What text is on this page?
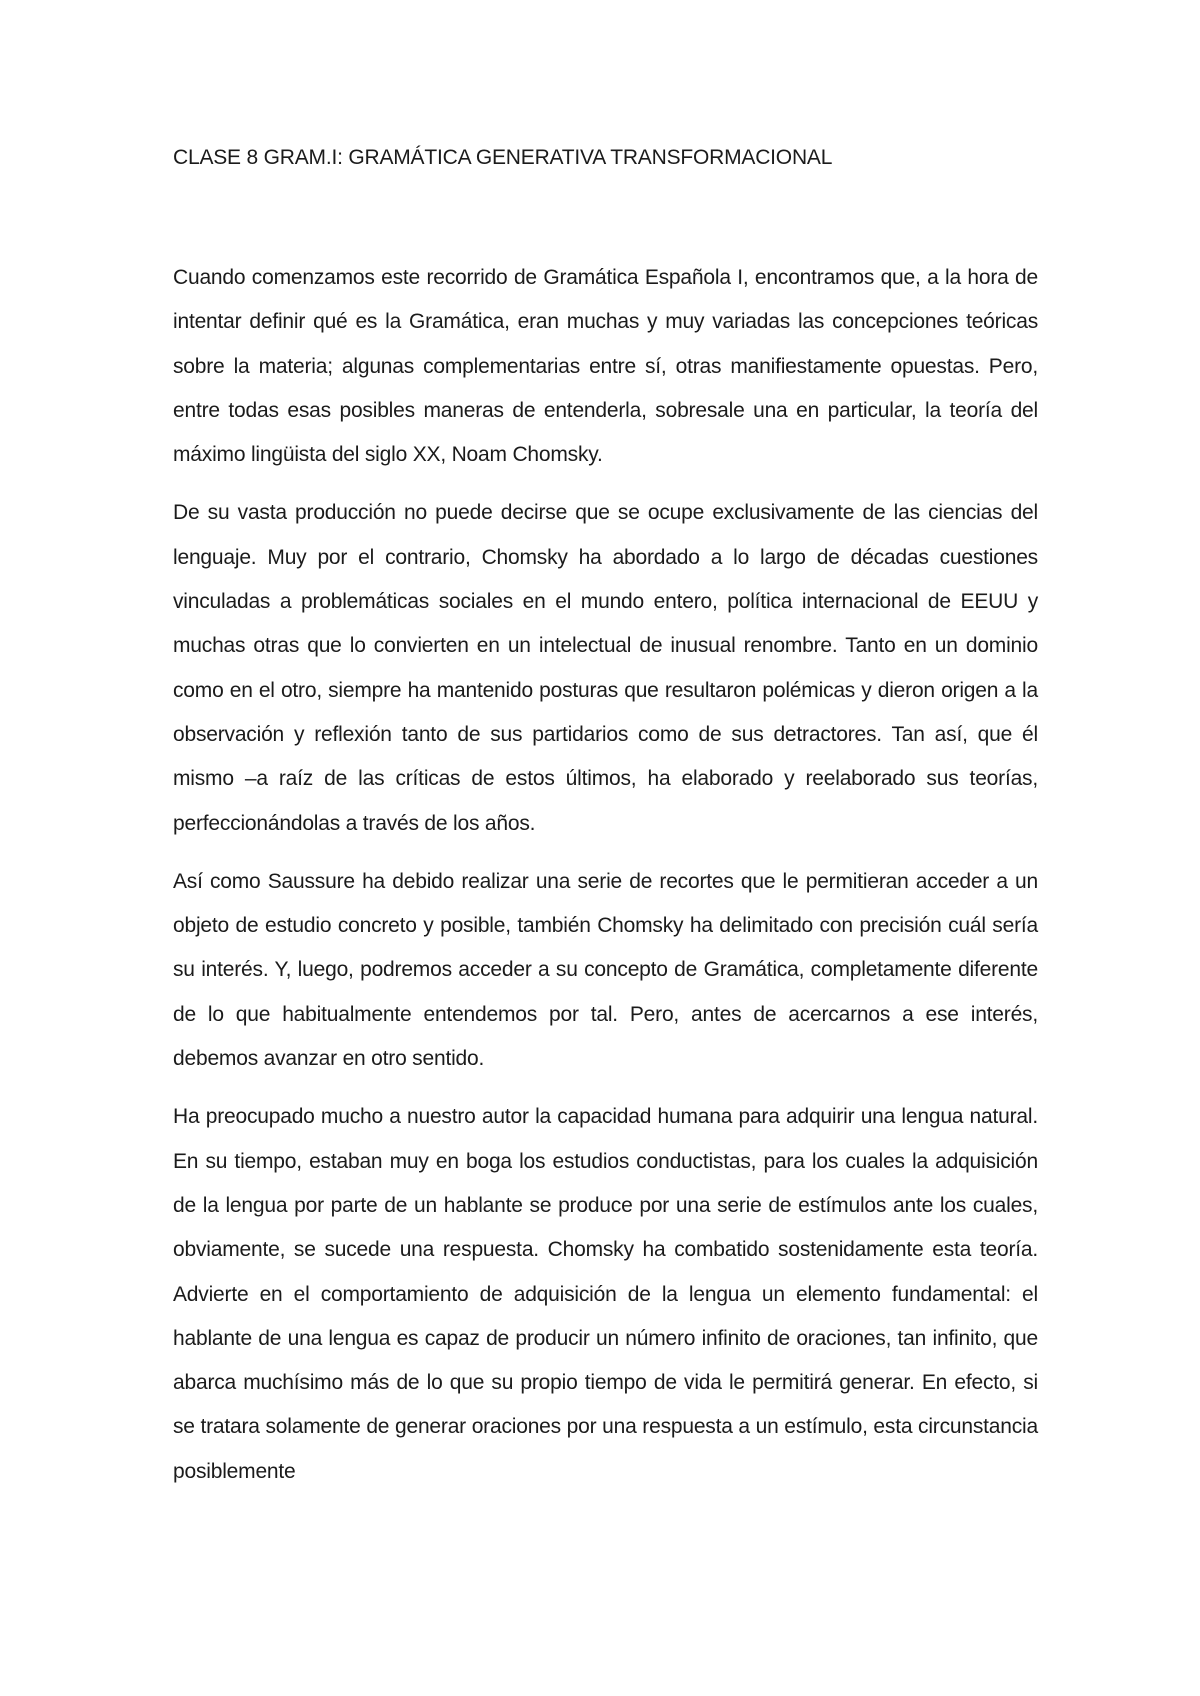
CLASE 8 GRAM.I: GRAMÁTICA GENERATIVA TRANSFORMACIONAL

Cuando comenzamos este recorrido de Gramática Española I, encontramos que, a la hora de intentar definir qué es la Gramática, eran muchas y muy variadas las concepciones teóricas sobre la materia; algunas complementarias entre sí, otras manifiestamente opuestas. Pero, entre todas esas posibles maneras de entenderla, sobresale una en particular, la teoría del máximo lingüista del siglo XX, Noam Chomsky.

De su vasta producción no puede decirse que se ocupe exclusivamente de las ciencias del lenguaje. Muy por el contrario, Chomsky ha abordado a lo largo de décadas cuestiones vinculadas a problemáticas sociales en el mundo entero, política internacional de EEUU y muchas otras que lo convierten en un intelectual de inusual renombre. Tanto en un dominio como en el otro, siempre ha mantenido posturas que resultaron polémicas y dieron origen a la observación y reflexión tanto de sus partidarios como de sus detractores. Tan así, que él mismo –a raíz de las críticas de estos últimos, ha elaborado y reelaborado sus teorías, perfeccionándolas a través de los años.

Así como Saussure ha debido realizar una serie de recortes que le permitieran acceder a un objeto de estudio concreto y posible, también Chomsky ha delimitado con precisión cuál sería su interés. Y, luego, podremos acceder a su concepto de Gramática, completamente diferente de lo que habitualmente entendemos por tal. Pero, antes de acercarnos a ese interés, debemos avanzar en otro sentido.

Ha preocupado mucho a nuestro autor la capacidad humana para adquirir una lengua natural. En su tiempo, estaban muy en boga los estudios conductistas, para los cuales la adquisición de la lengua por parte de un hablante se produce por una serie de estímulos ante los cuales, obviamente, se sucede una respuesta. Chomsky ha combatido sostenidamente esta teoría. Advierte en el comportamiento de adquisición de la lengua un elemento fundamental: el hablante de una lengua es capaz de producir un número infinito de oraciones, tan infinito, que abarca muchísimo más de lo que su propio tiempo de vida le permitirá generar. En efecto, si se tratara solamente de generar oraciones por una respuesta a un estímulo, esta circunstancia posiblemente
